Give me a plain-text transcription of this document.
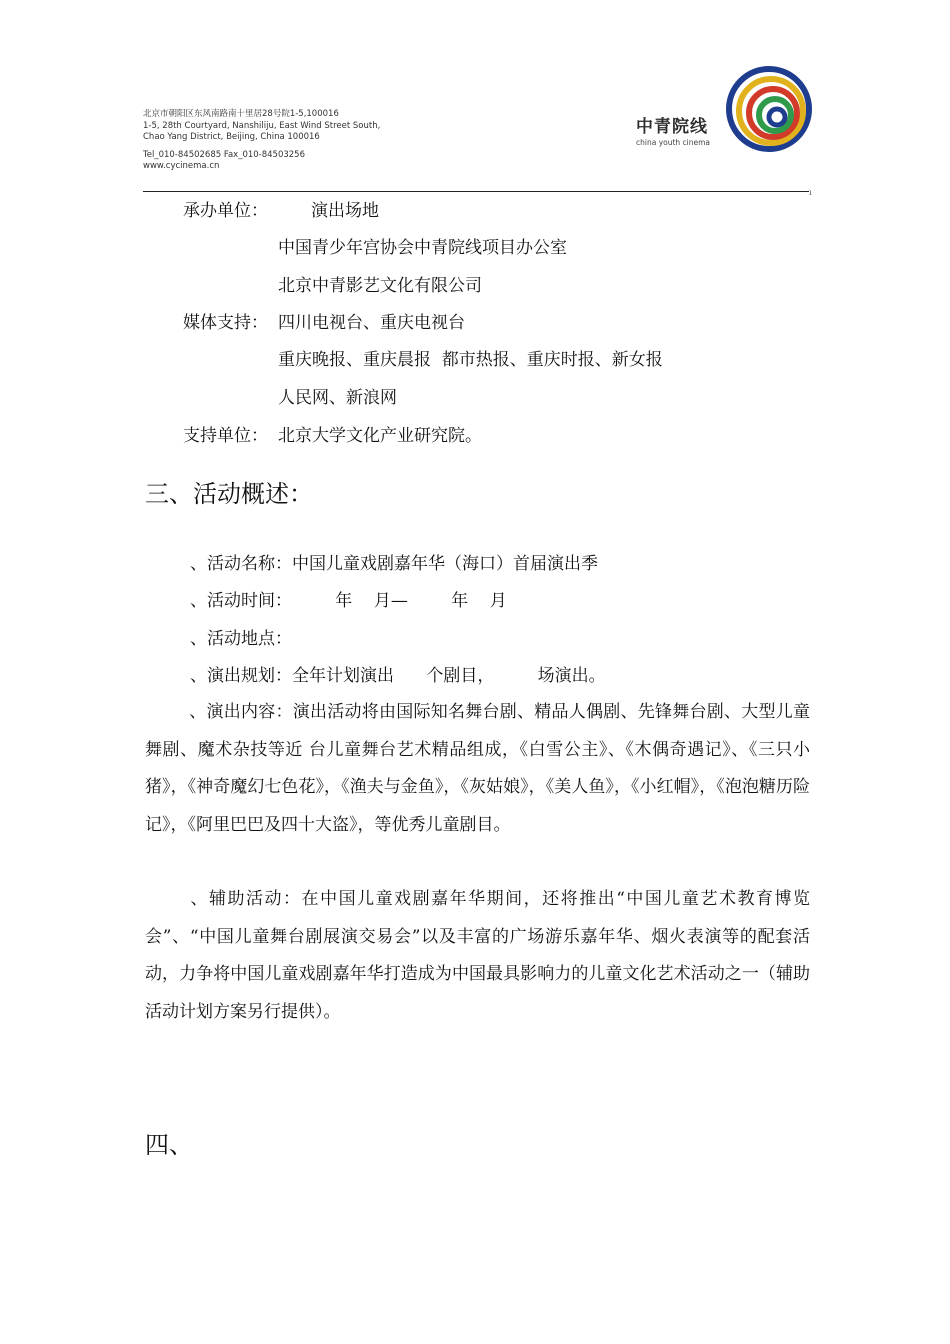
北京市朝阳区东风南路南十里居28号院1-5,100016
1-5, 28th Courtyard, Nanshiliju, East Wind Street South,
Chao Yang District, Beijing, China 100016
Tel_010-84502685 Fax_010-84503256
www.cycinema.cn
中青院线
china youth cinema
ı
承办单位：	演出场地
中国青少年宫协会中青院线项目办公室
北京中青影艺文化有限公司
媒体支持： 四川电视台、重庆电视台
重庆晚报、重庆晨报  都市热报、重庆时报、新女报
人民网、新浪网
支持单位： 北京大学文化产业研究院。
三、活动概述：
、活动名称：中国儿童戏剧嘉年华（海口）首届演出季
、活动时间：        年    月—        年    月
、活动地点：
、演出规划：全年计划演出      个剧目，        场演出。
、演出内容：演出活动将由国际知名舞台剧、精品人偶剧、先锋舞台剧、大型儿童舞剧、魔术杂技等近 台儿童舞台艺术精品组成，《白雪公主》、《木偶奇遇记》、《三只小猪》，《神奇魔幻七色花》，《渔夫与金鱼》，《灰姑娘》，《美人鱼》，《小红帽》，《泡泡糖历险记》，《阿里巴巴及四十大盗》，等优秀儿童剧目。
、辅助活动：在中国儿童戏剧嘉年华期间，还将推出“中国儿童艺术教育博览会”、“中国儿童舞台剧展演交易会”以及丰富的广场游乐嘉年华、烟火表演等的配套活动，力争将中国儿童戏剧嘉年华打造成为中国最具影响力的儿童文化艺术活动之一（辅助活动计划方案另行提供）。
四、
